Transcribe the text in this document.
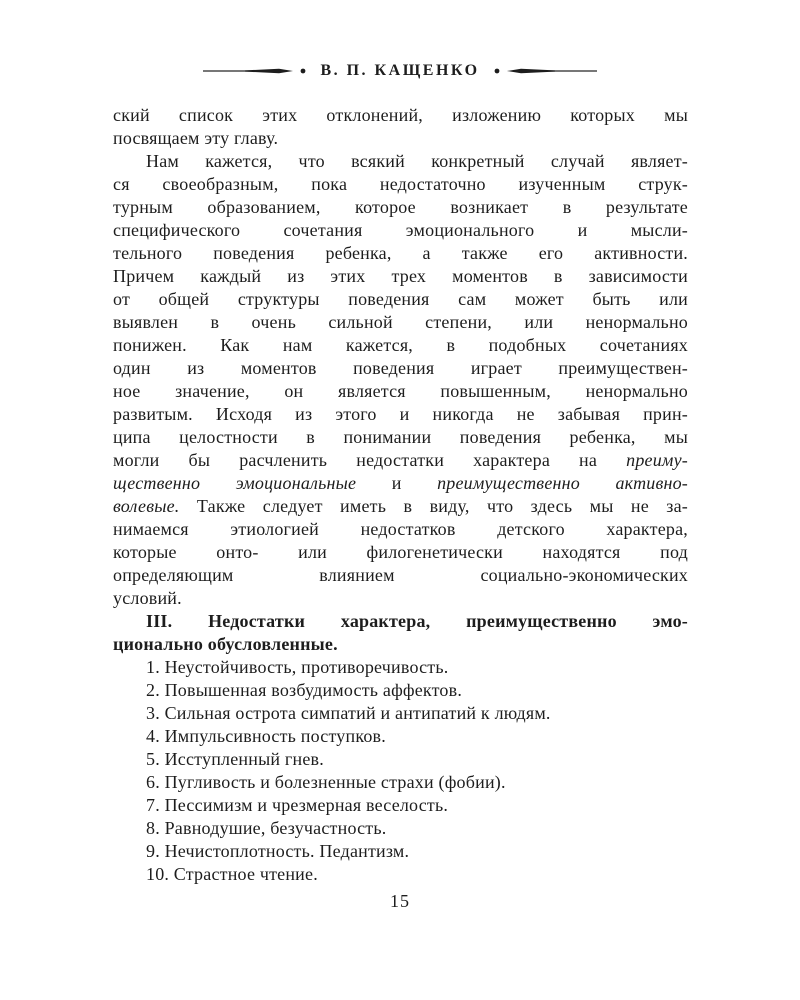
В. П. КАЩЕНКО
ский список этих отклонений, изложению которых мы
посвящаем эту главу.
Нам кажется, что всякий конкретный случай являет-
ся своеобразным, пока недостаточно изученным струк-
турным образованием, которое возникает в результате
специфического сочетания эмоционального и мысли-
тельного поведения ребенка, а также его активности.
Причем каждый из этих трех моментов в зависимости
от общей структуры поведения сам может быть или
выявлен в очень сильной степени, или ненормально
понижен. Как нам кажется, в подобных сочетаниях
один из моментов поведения играет преимуществен-
ное значение, он является повышенным, ненормально
развитым. Исходя из этого и никогда не забывая прин-
ципа целостности в понимании поведения ребенка, мы
могли бы расчленить недостатки характера на преиму-
щественно эмоциональные и преимущественно активно-
волевые. Также следует иметь в виду, что здесь мы не за-
нимаемся этиологией недостатков детского характера,
которые онто- или филогенетически находятся под
определяющим влиянием социально-экономических
условий.
III. Недостатки характера, преимущественно эмо-
ционально обусловленные.
1. Неустойчивость, противоречивость.
2. Повышенная возбудимость аффектов.
3. Сильная острота симпатий и антипатий к людям.
4. Импульсивность поступков.
5. Исступленный гнев.
6. Пугливость и болезненные страхи (фобии).
7. Пессимизм и чрезмерная веселость.
8. Равнодушие, безучастность.
9. Нечистоплотность. Педантизм.
10. Страстное чтение.
15
